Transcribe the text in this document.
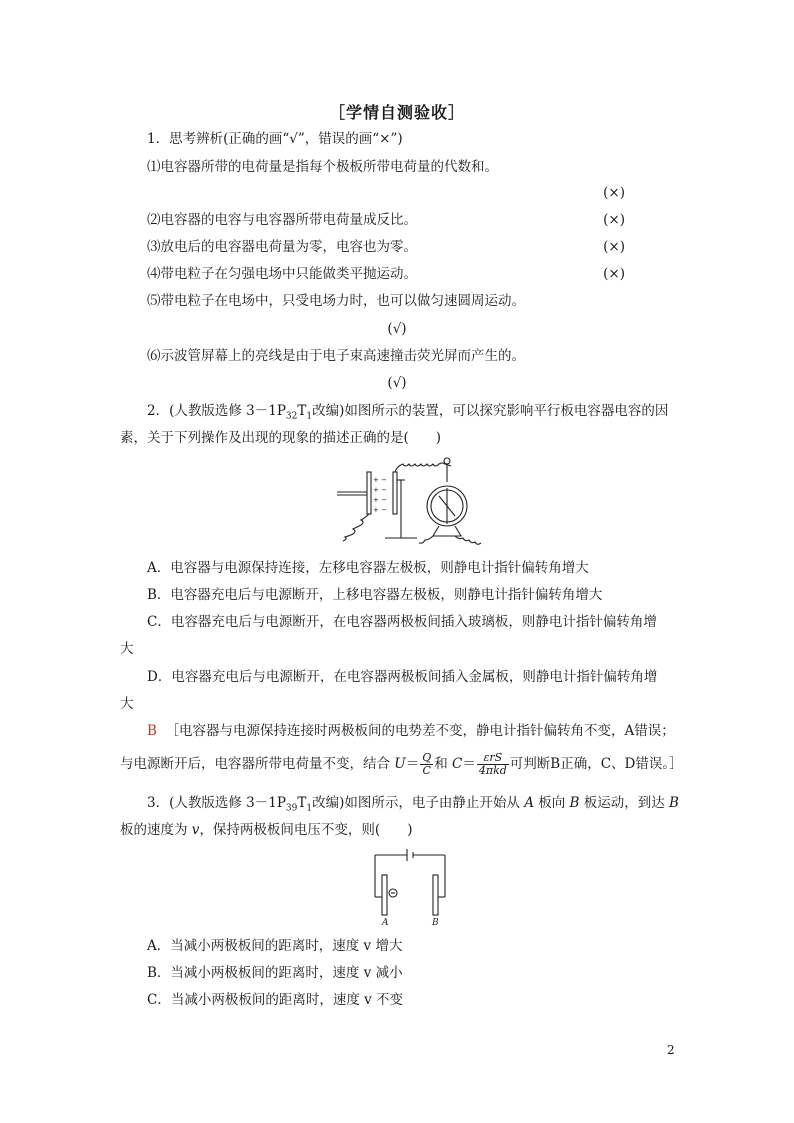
［学情自测验收］
1．思考辨析(正确的画“√”，错误的画“×”)
⑴电容器所带的电荷量是指每个极板所带电荷量的代数和。
(×)
⑵电容器的电容与电容器所带电荷量成反比。	(×)
⑶放电后的电容器电荷量为零，电容也为零。	(×)
⑷带电粒子在匀强电场中只能做类平抛运动。	(×)
⑸带电粒子在电场中，只受电场力时，也可以做匀速圆周运动。
(√)
⑹示波管屏幕上的亮线是由于电子束高速撞击荧光屏而产生的。
(√)
2．(人教版选修 $3-1P_{32}T_1$改编)如图所示的装置，可以探究影响平行板电容器电容的因
素，关于下列操作及出现的现象的描述正确的是(　　)
+ −
+ −
+ −
+ −
A．电容器与电源保持连接，左移电容器左极板，则静电计指针偏转角增大
B．电容器充电后与电源断开，上移电容器左极板，则静电计指针偏转角增大
C．电容器充电后与电源断开，在电容器两极板间插入玻璃板，则静电计指针偏转角增
大
D．电容器充电后与电源断开，在电容器两极板间插入金属板，则静电计指针偏转角增
大
B ［电容器与电源保持连接时两极板间的电势差不变，静电计指针偏转角不变，A错误；
与电源断开后，电容器所带电荷量不变，结合 $U= \frac{Q}{C}$ 和 $C= \frac{\text{εrS}}{\text{4πkd}}$ 可判断B正确，C、D错误。］
3．(人教版选修 $3-1P_{39}T_1$改编)如图所示，电子由静止开始从 A 板向 B 板运动，到达 B
板的速度为 v，保持两极板间电压不变，则(　　)
A	B
A．当减小两极板间的距离时，速度 v 增大
B．当减小两极板间的距离时，速度 v 减小
C．当减小两极板间的距离时，速度 v 不变
2
